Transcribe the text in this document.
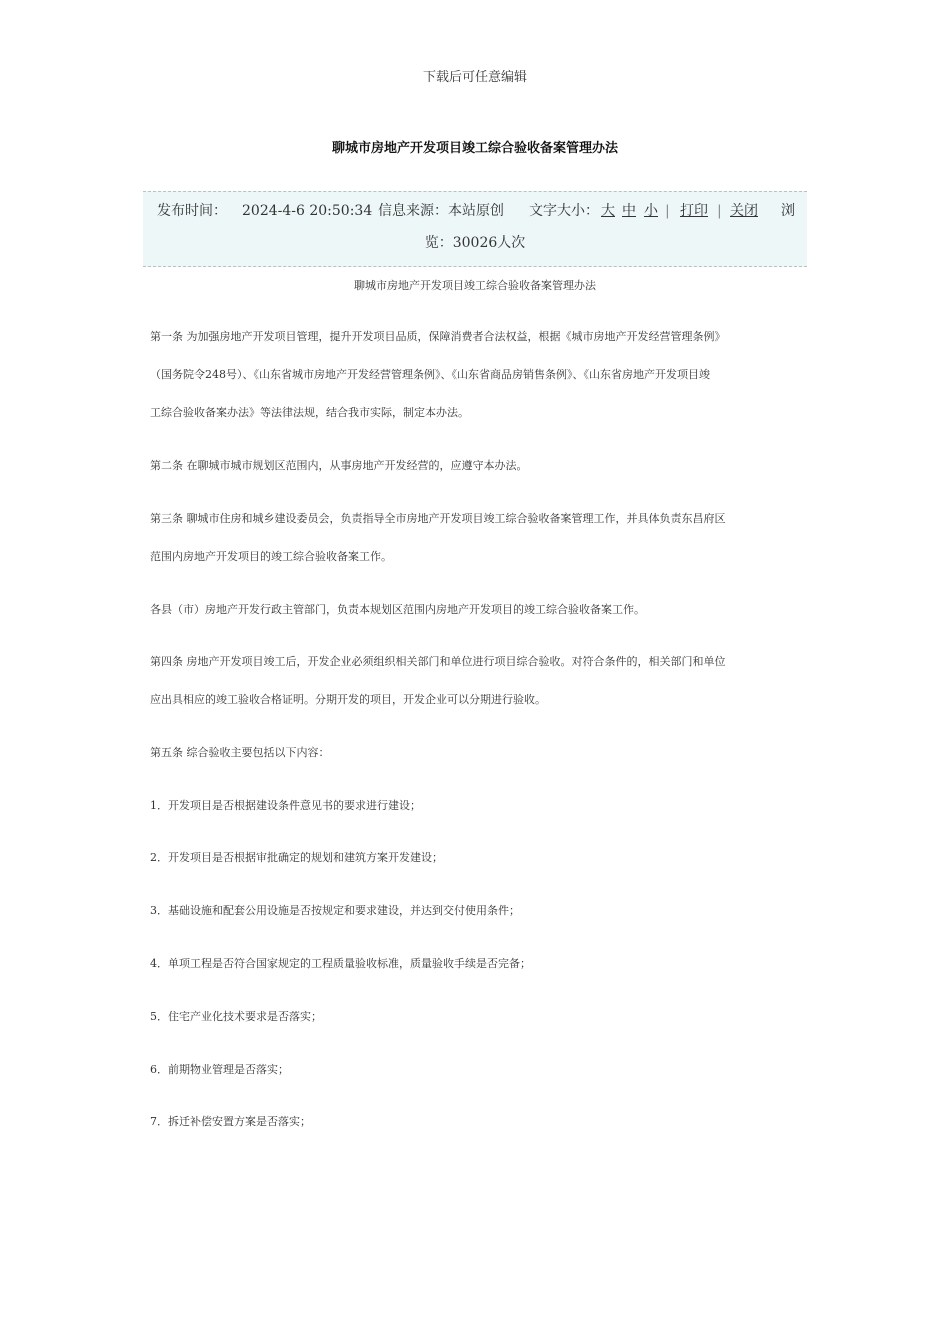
下载后可任意编辑
聊城市房地产开发项目竣工综合验收备案管理办法
发布时间： 2024-4-6 20:50:34 信息来源：本站原创 文字大小： 大 中 小 | 打印 | 关闭 浏
览：30026人次
聊城市房地产开发项目竣工综合验收备案管理办法
第一条 为加强房地产开发项目管理，提升开发项目品质，保障消费者合法权益，根据《城市房地产开发经营管理条例》
（国务院令248号）、《山东省城市房地产开发经营管理条例》、《山东省商品房销售条例》、《山东省房地产开发项目竣
工综合验收备案办法》等法律法规，结合我市实际，制定本办法。
第二条 在聊城市城市规划区范围内，从事房地产开发经营的，应遵守本办法。
第三条 聊城市住房和城乡建设委员会，负责指导全市房地产开发项目竣工综合验收备案管理工作，并具体负责东昌府区
范围内房地产开发项目的竣工综合验收备案工作。
各县（市）房地产开发行政主管部门，负责本规划区范围内房地产开发项目的竣工综合验收备案工作。
第四条 房地产开发项目竣工后，开发企业必须组织相关部门和单位进行项目综合验收。对符合条件的，相关部门和单位
应出具相应的竣工验收合格证明。分期开发的项目，开发企业可以分期进行验收。
第五条 综合验收主要包括以下内容：
1．开发项目是否根据建设条件意见书的要求进行建设；
2．开发项目是否根据审批确定的规划和建筑方案开发建设；
3．基础设施和配套公用设施是否按规定和要求建设，并达到交付使用条件；
4．单项工程是否符合国家规定的工程质量验收标准，质量验收手续是否完备；
5．住宅产业化技术要求是否落实；
6．前期物业管理是否落实；
7．拆迁补偿安置方案是否落实；
